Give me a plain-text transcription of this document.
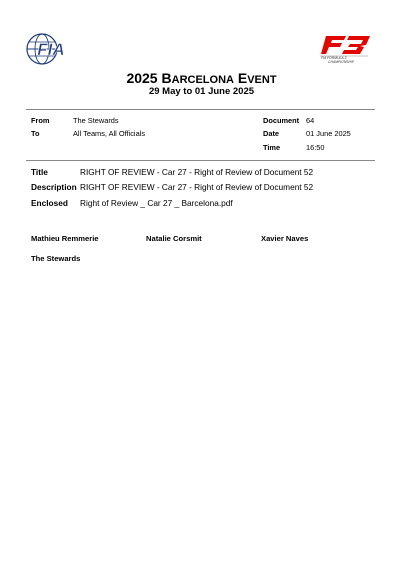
FIA	FIA FORMULA 3
CHAMPIONSHIP
2025 BARCELONA EVENT
29 May to 01 June 2025
From	The Stewards
To	All Teams, All Officials
Document 64
Date	01 June 2025
Time	16:50
Title	RIGHT OF REVIEW - Car 27 - Right of Review of Document 52
Description RIGHT OF REVIEW - Car 27 - Right of Review of Document 52
Enclosed Right of Review _ Car 27 _ Barcelona.pdf
Mathieu Remmerie	Natalie Corsmit	Xavier Naves
The Stewards
